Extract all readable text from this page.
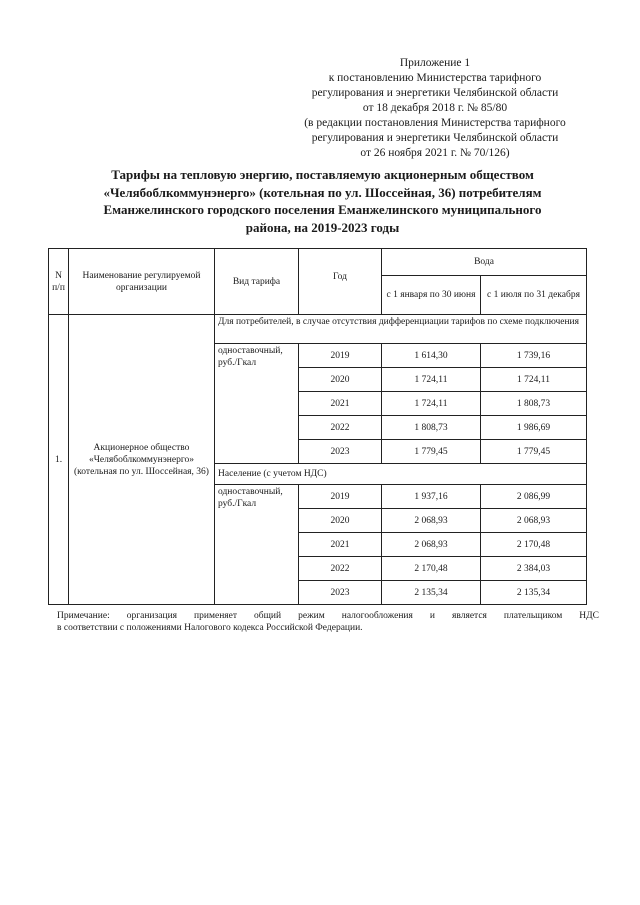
Приложение 1
к постановлению Министерства тарифного
регулирования и энергетики Челябинской области
от 18 декабря 2018 г. № 85/80
(в редакции постановления Министерства тарифного
регулирования и энергетики Челябинской области
от 26 ноября 2021 г. № 70/126)
Тарифы на тепловую энергию, поставляемую акционерным обществом
«Челябоблкоммунэнерго» (котельная по ул. Шоссейная, 36) потребителям
Еманжелинского городского поселения Еманжелинского муниципального
района, на 2019-2023 годы
N п/п	Наименование регулируемой организации	Вид тарифа	Год	Вода	
				с 1 января по 30 июня	с 1 июля по 31 декабря
1.	Акционерное общество «Челябоблкоммунэнерго» (котельная по ул. Шоссейная, 36)	Для потребителей, в случае отсутствия дифференциации тарифов по схеме подключения			
		одноставочный, руб./Гкал	2019	1 614,30	1 739,16
			2020	1 724,11	1 724,11
			2021	1 724,11	1 808,73
			2022	1 808,73	1 986,69
			2023	1 779,45	1 779,45
		Население (с учетом НДС)			
		одноставочный, руб./Гкал	2019	1 937,16	2 086,99
			2020	2 068,93	2 068,93
			2021	2 068,93	2 170,48
			2022	2 170,48	2 384,03
			2023	2 135,34	2 135,34
Примечание: организация применяет общий режим налогообложения и является плательщиком НДС
в соответствии с положениями Налогового кодекса Российской Федерации.
